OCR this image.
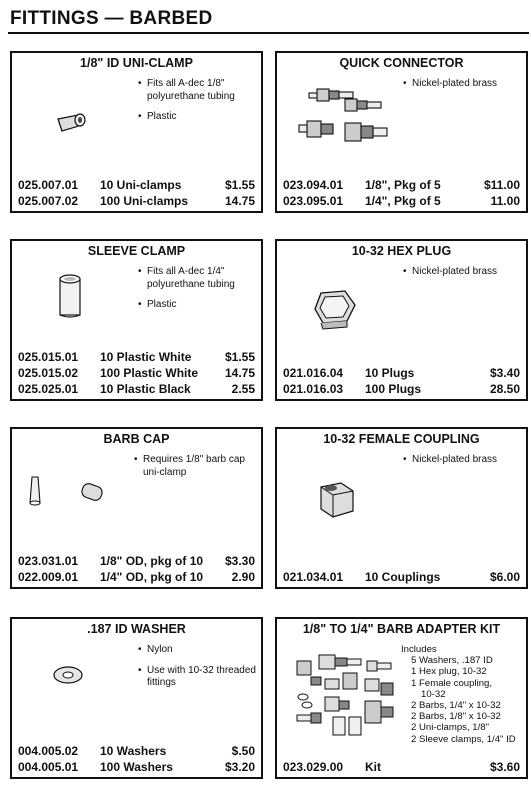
FITTINGS — BARBED
1/8" ID UNI-CLAMP
• Fits all A-dec 1/8" polyurethane tubing
• Plastic
025.007.01	10 Uni-clamps	$1.55
025.007.02	100 Uni-clamps	14.75
QUICK CONNECTOR
• Nickel-plated brass
023.094.01	1/8", Pkg of 5	$11.00
023.095.01	1/4", Pkg of 5	11.00
SLEEVE CLAMP
• Fits all A-dec 1/4" polyurethane tubing
• Plastic
025.015.01	10 Plastic White	$1.55
025.015.02	100 Plastic White	14.75
025.025.01	10 Plastic Black	2.55
10-32 HEX PLUG
• Nickel-plated brass
021.016.04	10 Plugs	$3.40
021.016.03	100 Plugs	28.50
BARB CAP
• Requires 1/8" barb cap uni-clamp
023.031.01	1/8" OD, pkg of 10	$3.30
022.009.01	1/4" OD, pkg of 10	2.90
10-32 FEMALE COUPLING
• Nickel-plated brass
021.034.01	10 Couplings	$6.00
.187 ID WASHER
• Nylon
• Use with 10-32 threaded fittings
004.005.02	10 Washers	$.50
004.005.01	100 Washers	$3.20
1/8" TO 1/4" BARB ADAPTER KIT
Includes
5 Washers, .187 ID
1 Hex plug, 10-32
1 Female coupling,
10-32
2 Barbs, 1/4" x 10-32
2 Barbs, 1/8" x 10-32
2 Uni-clamps, 1/8"
2 Sleeve clamps, 1/4" ID
023.029.00	Kit	$3.60
